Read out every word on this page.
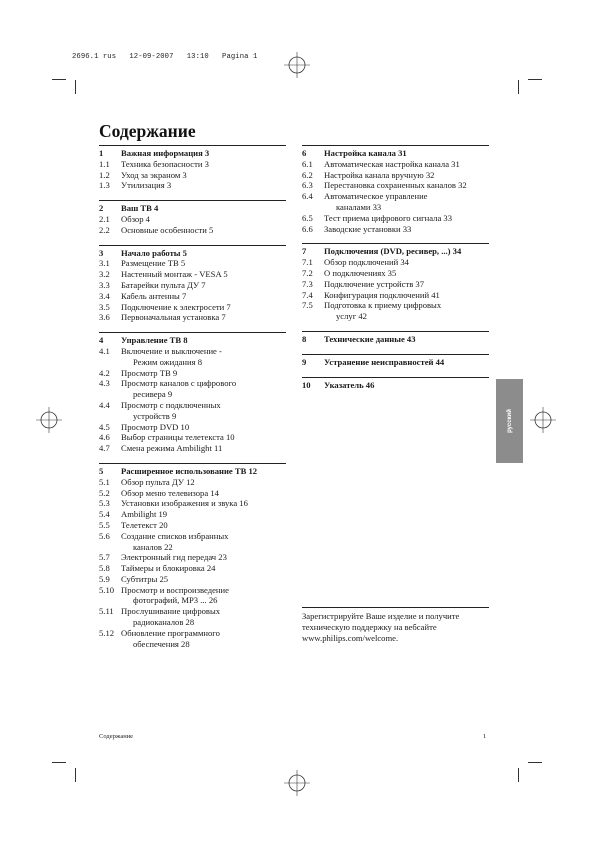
2696.1 rus   12-09-2007   13:10   Pagina 1
Содержание
1	Важная информация 3
1.1	Техника безопасности 3
1.2	Уход за экраном 3
1.3	Утилизация 3
2	Ваш ТВ 4
2.1	Обзор 4
2.2	Основные особенности 5
3	Начало работы 5
3.1	Размещение ТВ 5
3.2	Настенный монтаж - VESA 5
3.3	Батарейки пульта ДУ 7
3.4	Кабель антенны 7
3.5	Подключение к электросети 7
3.6	Первоначальная установка 7
4	Управление ТВ 8
4.1	Включение и выключение -
Режим ожидания 8
4.2	Просмотр ТВ 9
4.3	Просмотр каналов с цифрового
ресивера 9
4.4	Просмотр с подключенных
устройств 9
4.5	Просмотр DVD 10
4.6	Выбор страницы телетекста 10
4.7	Смена режима Ambilight 11
5	Расширенное использование ТВ 12
5.1	Обзор пульта ДУ 12
5.2	Обзор меню телевизора 14
5.3	Установки изображения и звука 16
5.4	Ambilight 19
5.5	Телетекст 20
5.6	Создание списков избранных
каналов 22
5.7	Электронный гид передач 23
5.8	Таймеры и блокировка 24
5.9	Субтитры 25
5.10 Просмотр и воспроизведение
фотографий, MP3 ... 26
5.11 Прослушивание цифровых
радиоканалов 28
5.12 Обновление программного
обеспечения 28
6	Настройка канала 31
6.1	Автоматическая настройка канала 31
6.2	Настройка канала вручную 32
6.3	Перестановка сохраненных каналов 32
6.4	Автоматическое управление
каналами 33
6.5	Тест приема цифрового сигнала 33
6.6	Заводские установки 33
7	Подключения (DVD, ресивер, ...) 34
7.1	Обзор подключений 34
7.2	О подключениях 35
7.3	Подключение устройств 37
7.4	Конфигурация подключений 41
7.5	Подготовка к приему цифровых
услуг 42
8	Технические данные 43
9	Устранение неисправностей 44
10	Указатель 46
русский
Зарегистрируйте Ваше изделие и получите техническую поддержку на вебсайте www.philips.com/welcome.
Содержание	1
